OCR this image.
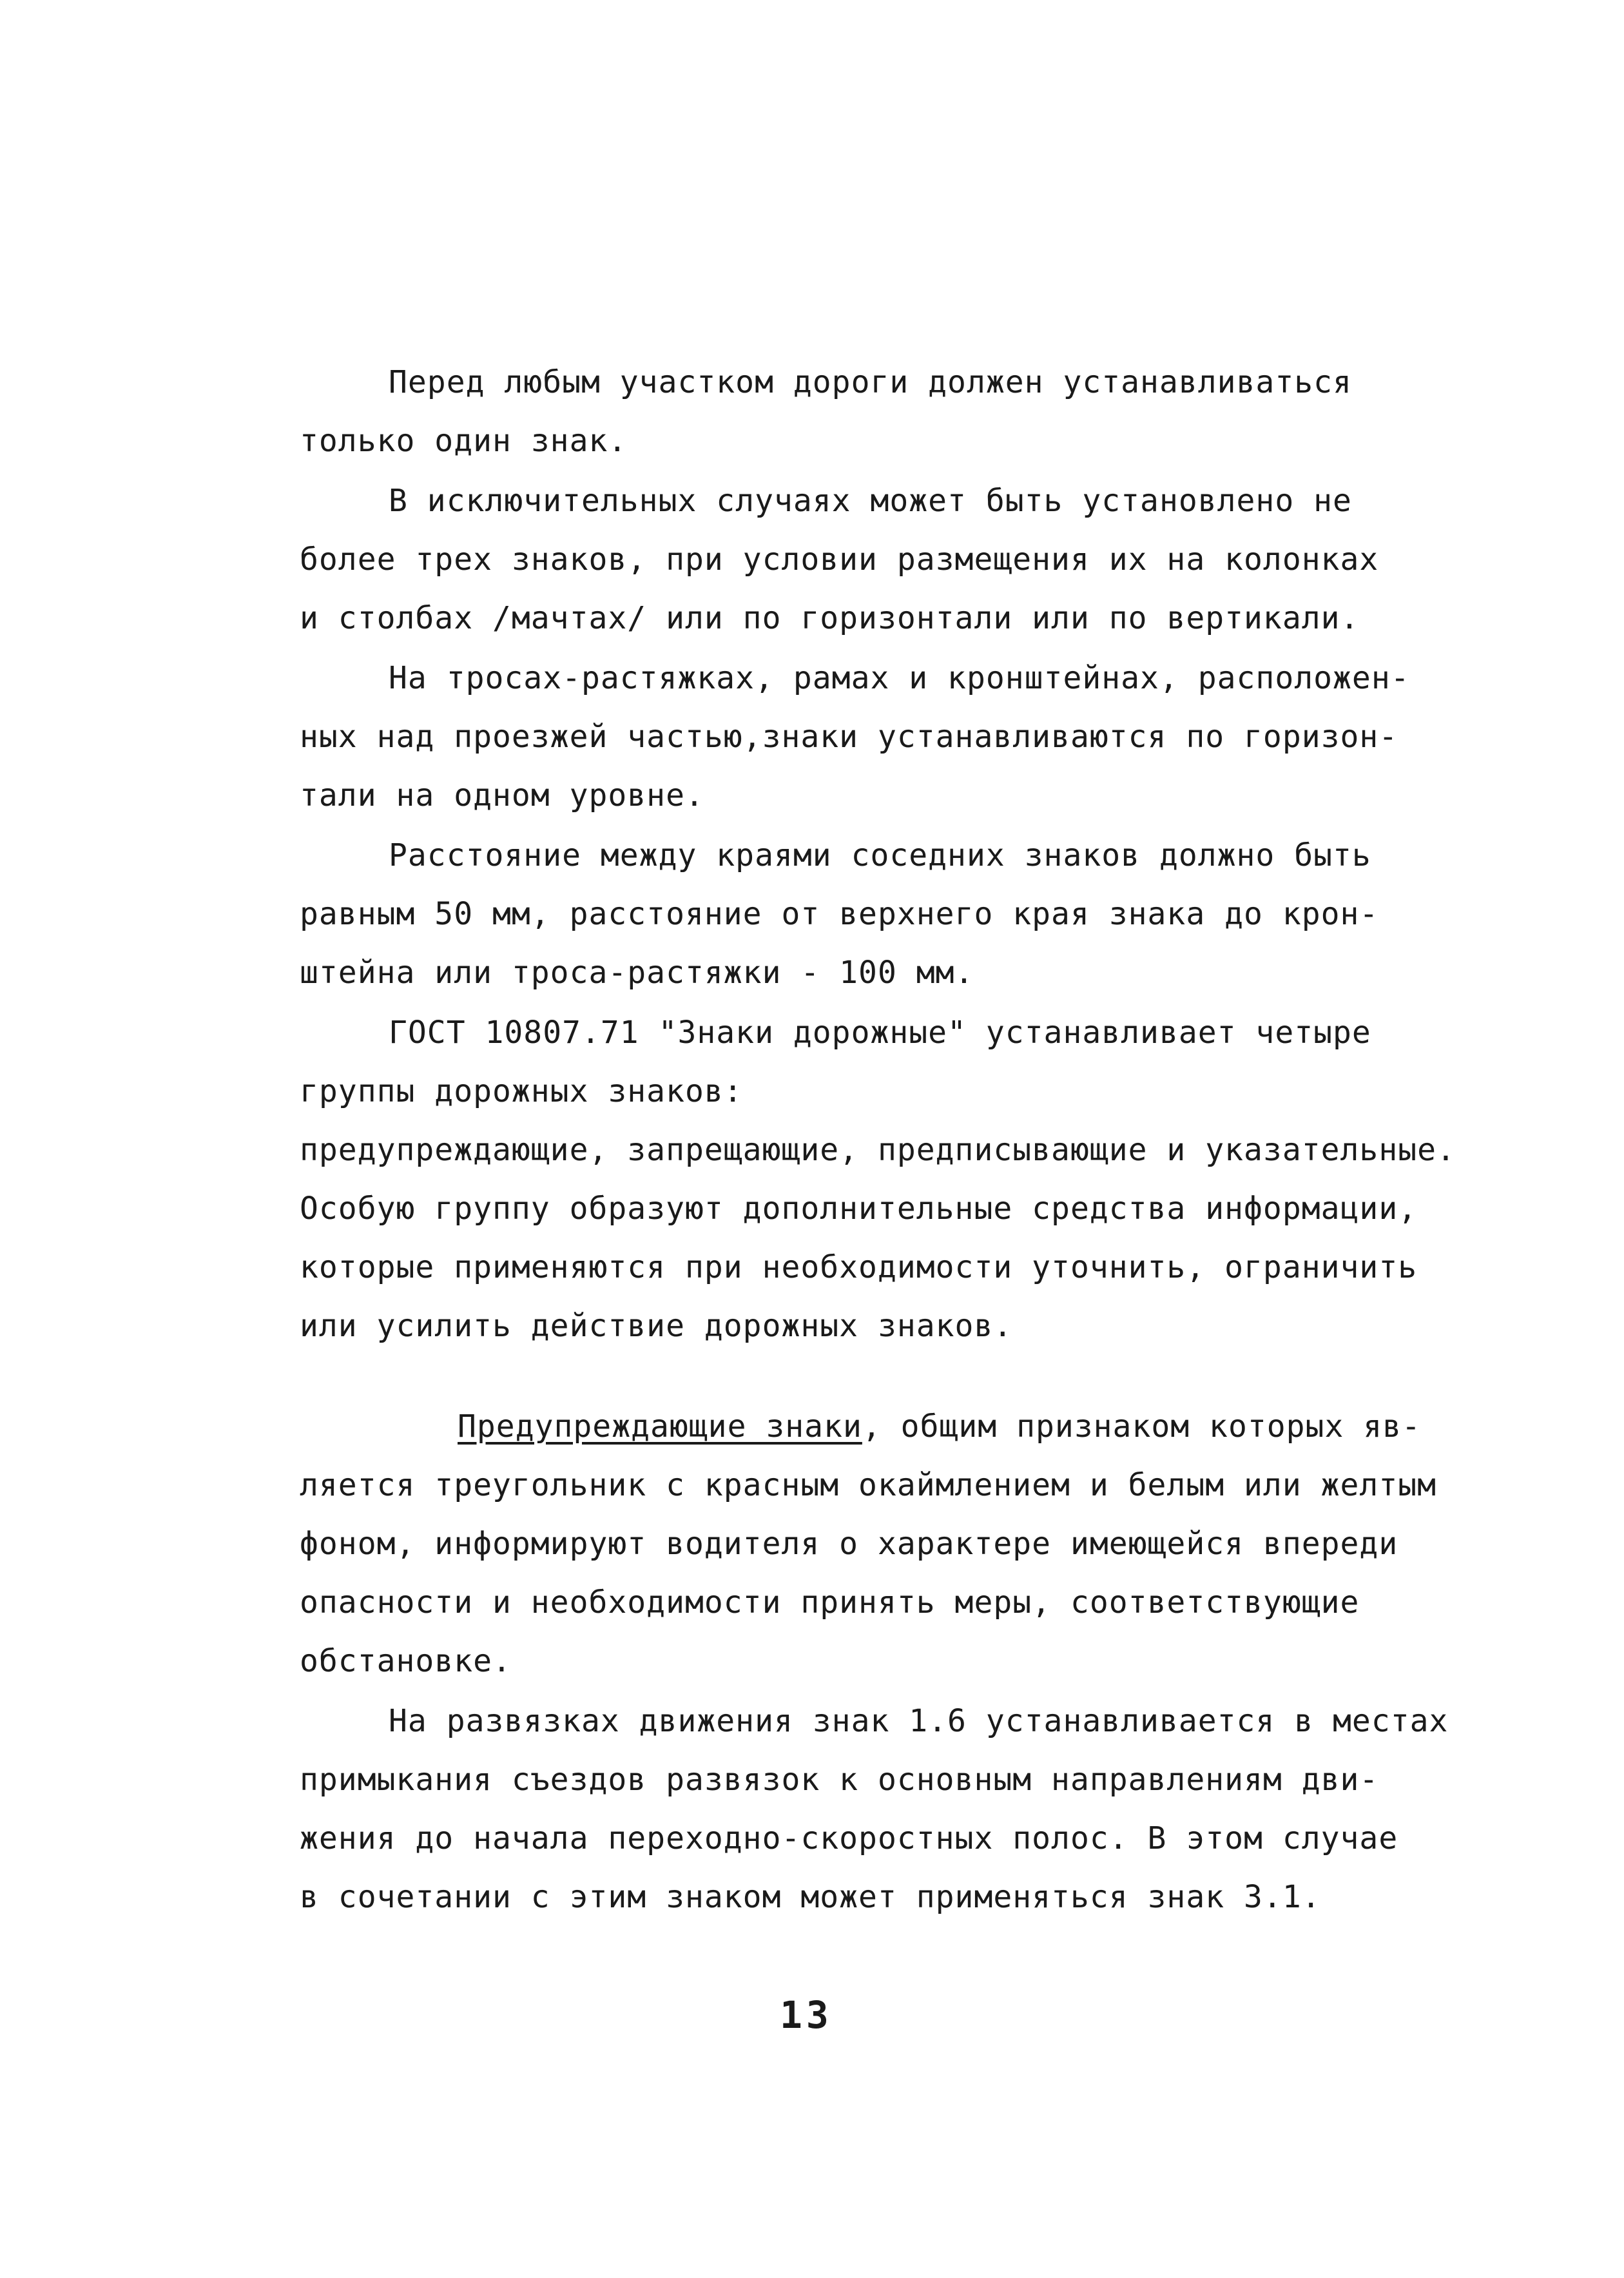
Перед любым участком дороги должен устанавливаться
только один знак.
В исключительных случаях может быть установлено не
более трех знаков, при условии размещения их на колонках
и столбах /мачтах/ или по горизонтали или по вертикали.
На тросах-растяжках, рамах и кронштейнах, расположен-
ных над проезжей частью,знаки устанавливаются по горизон-
тали на одном уровне.
Расстояние между краями соседних знаков должно быть
равным 50 мм, расстояние от верхнего края знака до крон-
штейна или троса-растяжки - 100 мм.
ГОСТ 10807.71 "Знаки дорожные" устанавливает четыре
группы дорожных знаков:
предупреждающие, запрещающие, предписывающие и указательные.
Особую группу образуют дополнительные средства информации,
которые применяются при необходимости уточнить, ограничить
или усилить действие дорожных знаков.
Предупреждающие знаки, общим признаком которых яв-
ляется треугольник с красным окаймлением и белым или желтым
фоном, информируют водителя о характере имеющейся впереди
опасности и необходимости принять меры, соответствующие
обстановке.
На развязках движения знак 1.6 устанавливается в местах
примыкания съездов развязок к основным направлениям дви-
жения до начала переходно-скоростных полос. В этом случае
в сочетании с этим знаком может применяться знак 3.1.
13
